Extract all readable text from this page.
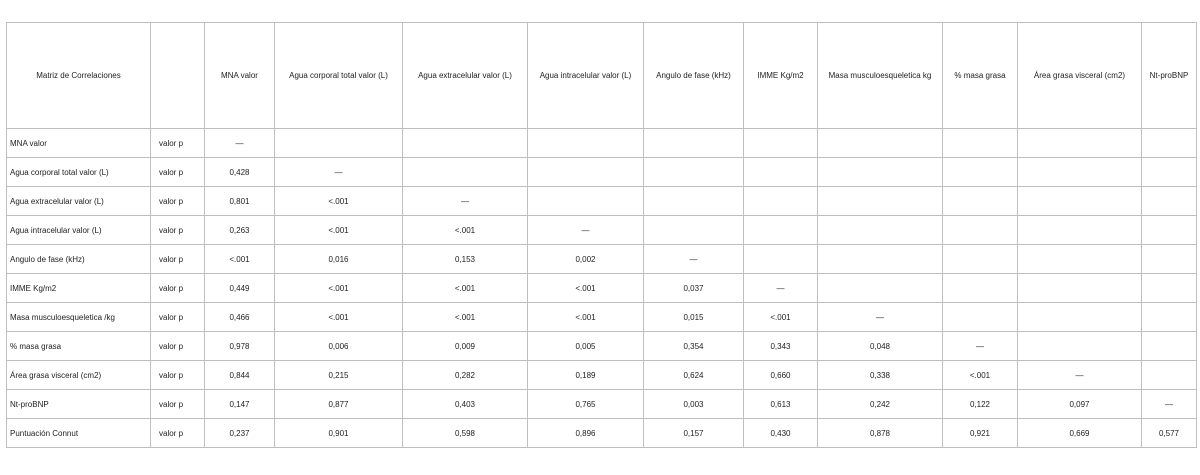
Matriz de Correlaciones		MNA valor	Agua corporal total valor (L)	Agua extracelular valor (L)	Agua intracelular valor (L)	Angulo de fase (kHz)	IMME Kg/m2	Masa musculoesqueletica kg	% masa grasa	Área grasa visceral (cm2)	Nt-proBNP
MNA valor	valor p	—									
Agua corporal total valor (L)	valor p	0,428	—								
Agua extracelular valor (L)	valor p	0,801	<.001	—							
Agua intracelular valor (L)	valor p	0,263	<.001	<.001	—						
Angulo de fase (kHz)	valor p	<.001	0,016	0,153	0,002	—					
IMME Kg/m2	valor p	0,449	<.001	<.001	<.001	0,037	—				
Masa musculoesqueletica /kg	valor p	0,466	<.001	<.001	<.001	0,015	<.001	—			
% masa grasa	valor p	0,978	0,006	0,009	0,005	0,354	0,343	0,048	—		
Área grasa visceral (cm2)	valor p	0,844	0,215	0,282	0,189	0,624	0,660	0,338	<.001	—	
Nt-proBNP	valor p	0,147	0,877	0,403	0,765	0,003	0,613	0,242	0,122	0,097	—
Puntuación Connut	valor p	0,237	0,901	0,598	0,896	0,157	0,430	0,878	0,921	0,669	0,577
